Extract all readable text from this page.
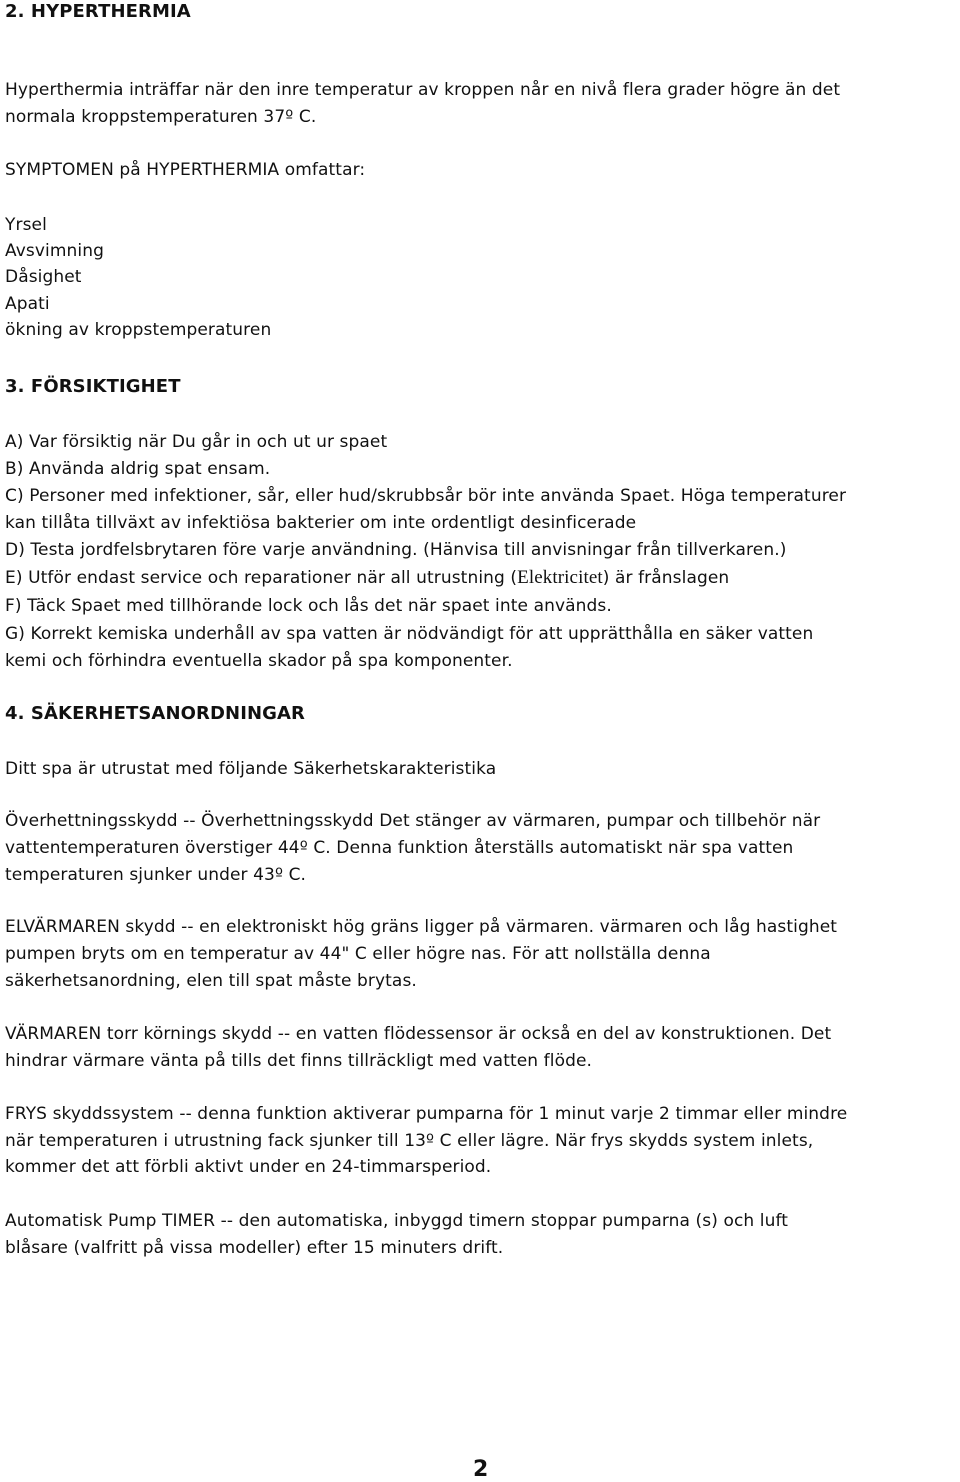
2. HYPERTHERMIA
Hyperthermia inträffar när den inre temperatur av kroppen når en nivå flera grader högre än det
normala kroppstemperaturen 37º C.
SYMPTOMEN på HYPERTHERMIA omfattar:
Yrsel
Avsvimning
Dåsighet
Apati
ökning av kroppstemperaturen
3. FÖRSIKTIGHET
A) Var försiktig när Du går in och ut ur spaet
B) Använda aldrig spat ensam.
C) Personer med infektioner, sår, eller hud/skrubbsår bör inte använda Spaet. Höga temperaturer
kan tillåta tillväxt av infektiösa bakterier om inte ordentligt desinficerade
D) Testa jordfelsbrytaren före varje användning. (Hänvisa till anvisningar från tillverkaren.)
E) Utför endast service och reparationer när all utrustning (Elektricitet) är frånslagen
F) Täck Spaet med tillhörande lock och lås det när spaet inte används.
G) Korrekt kemiska underhåll av spa vatten är nödvändigt för att upprätthålla en säker vatten
kemi och förhindra eventuella skador på spa komponenter.
4. SÄKERHETSANORDNINGAR
Ditt spa är utrustat med följande Säkerhetskarakteristika
Överhettningsskydd -- Överhettningsskydd Det stänger av värmaren, pumpar och tillbehör när
vattentemperaturen överstiger 44º C. Denna funktion återställs automatiskt när spa vatten
temperaturen sjunker under 43º C.
ELVÄRMAREN skydd -- en elektroniskt hög gräns ligger på värmaren. värmaren och låg hastighet
pumpen bryts om en temperatur av 44" C eller högre nas. För att nollställa denna
säkerhetsanordning, elen till spat måste brytas.
VÄRMAREN torr körnings skydd -- en vatten flödessensor är också en del av konstruktionen. Det
hindrar värmare vänta på tills det finns tillräckligt med vatten flöde.
FRYS skyddssystem -- denna funktion aktiverar pumparna för 1 minut varje 2 timmar eller mindre
när temperaturen i utrustning fack sjunker till 13º C eller lägre. När frys skydds system inlets,
kommer det att förbli aktivt under en 24-timmarsperiod.
Automatisk Pump TIMER -- den automatiska, inbyggd timern stoppar pumparna (s) och luft
blåsare (valfritt på vissa modeller) efter 15 minuters drift.
2
